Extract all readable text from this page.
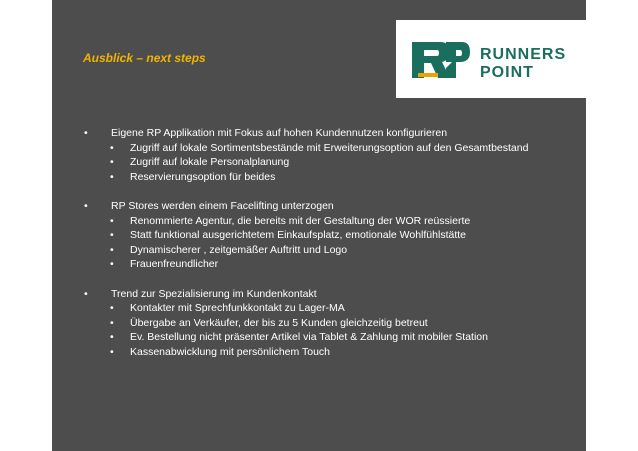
Ausblick – next steps	RUNNERS
POINT
• Eigene RP Applikation mit Fokus auf hohen Kundennutzen konfigurieren
• Zugriff auf lokale Sortimentsbestände mit Erweiterungsoption auf den Gesamtbestand
• Zugriff auf lokale Personalplanung
• Reservierungsoption für beides
• RP Stores werden einem Facelifting unterzogen
• Renommierte Agentur, die bereits mit der Gestaltung der WOR reüssierte
• Statt funktional ausgerichtetem Einkaufsplatz, emotionale Wohlfühlstätte
• Dynamischerer , zeitgemäßer Auftritt und Logo
• Frauenfreundlicher
• Trend zur Spezialisierung im Kundenkontakt
• Kontakter mit Sprechfunkkontakt zu Lager-MA
• Übergabe an Verkäufer, der bis zu 5 Kunden gleichzeitig betreut
• Ev. Bestellung nicht präsenter Artikel via Tablet & Zahlung mit mobiler Station
• Kassenabwicklung mit persönlichem Touch
